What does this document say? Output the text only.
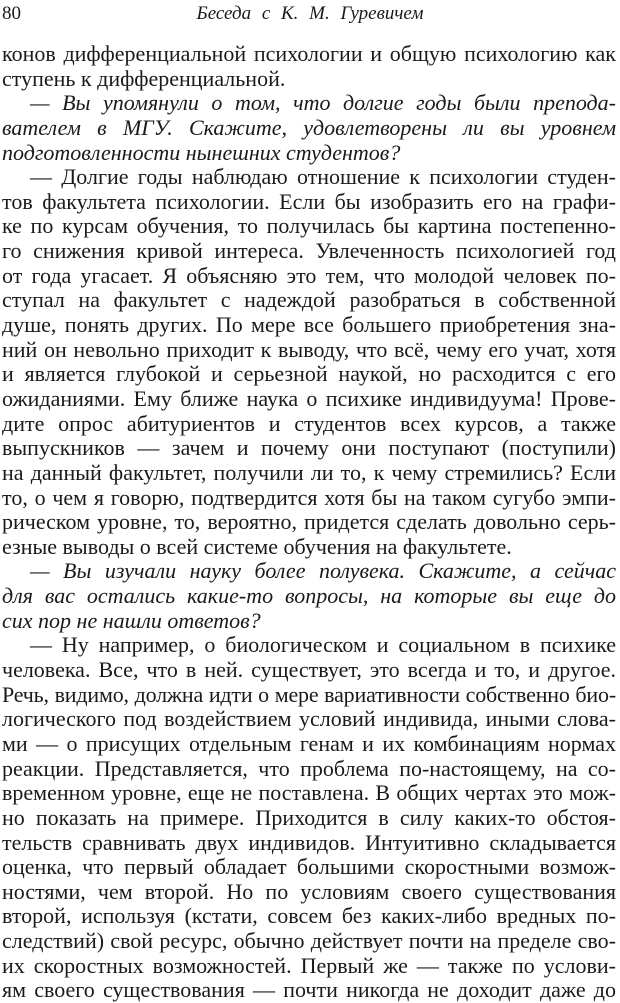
80	Беседа с К. М. Гуревичем
конов дифференциальной психологии и общую психологию как
ступень к дифференциальной.
— Вы упомянули о том, что долгие годы были препода-
вателем в МГУ. Скажите, удовлетворены ли вы уровнем
подготовленности нынешних студентов?
— Долгие годы наблюдаю отношение к психологии студен-
тов факультета психологии. Если бы изобразить его на графи-
ке по курсам обучения, то получилась бы картина постепенно-
го снижения кривой интереса. Увлеченность психологией год
от года угасает. Я объясняю это тем, что молодой человек по-
ступал на факультет с надеждой разобраться в собственной
душе, понять других. По мере все большего приобретения зна-
ний он невольно приходит к выводу, что всё, чему его учат, хотя
и является глубокой и серьезной наукой, но расходится с его
ожиданиями. Ему ближе наука о психике индивидуума! Прове-
дите опрос абитуриентов и студентов всех курсов, а также
выпускников — зачем и почему они поступают (поступили)
на данный факультет, получили ли то, к чему стремились? Если
то, о чем я говорю, подтвердится хотя бы на таком сугубо эмпи-
рическом уровне, то, вероятно, придется сделать довольно серь-
езные выводы о всей системе обучения на факультете.
— Вы изучали науку более полувека. Скажите, а сейчас
для вас остались какие-то вопросы, на которые вы еще до
сих пор не нашли ответов?
— Ну например, о биологическом и социальном в психике
человека. Все, что в ней. существует, это всегда и то, и другое.
Речь, видимо, должна идти о мере вариативности собственно био-
логического под воздействием условий индивида, иными слова-
ми — о присущих отдельным генам и их комбинациям нормах
реакции. Представляется, что проблема по-настоящему, на со-
временном уровне, еще не поставлена. В общих чертах это мож-
но показать на примере. Приходится в силу каких-то обстоя-
тельств сравнивать двух индивидов. Интуитивно складывается
оценка, что первый обладает большими скоростными возмож-
ностями, чем второй. Но по условиям своего существования
второй, используя (кстати, совсем без каких-либо вредных по-
следствий) свой ресурс, обычно действует почти на пределе сво-
их скоростных возможностей. Первый же — также по услови-
ям своего существования — почти никогда не доходит даже до
